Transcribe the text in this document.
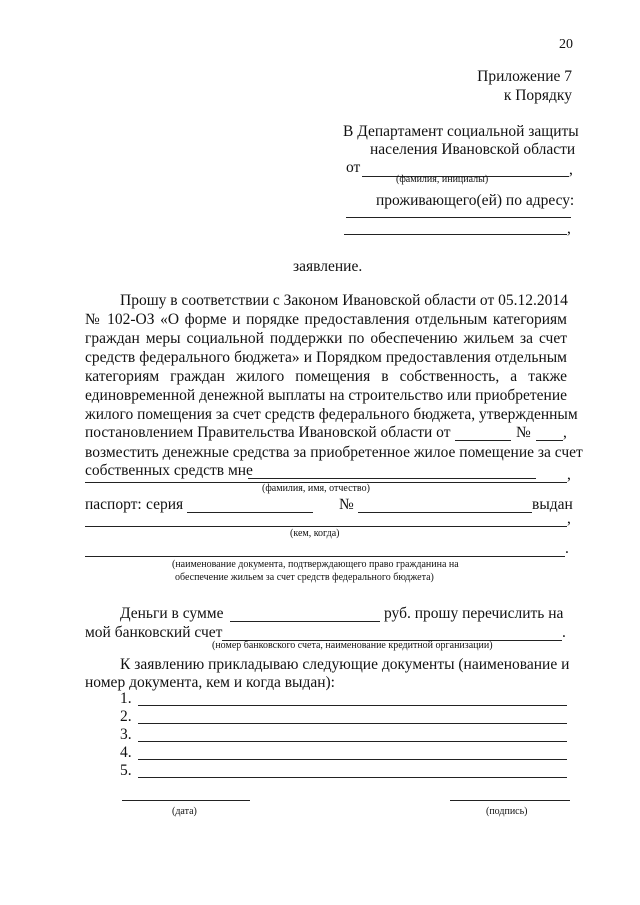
20
Приложение 7
к Порядку
В Департамент социальной защиты
населения Ивановской области
от	,
(фамилия, инициалы)
проживающего(ей) по адресу:
,
заявление.
Прошу в соответствии с Законом Ивановской области от 05.12.2014
№ 102-ОЗ «О форме и порядке предоставления отдельным категориям
граждан меры социальной поддержки по обеспечению жильем за счет
средств федерального бюджета» и Порядком предоставления отдельным
категориям граждан жилого помещения в собственность, а также
единовременной денежной выплаты на строительство или приобретение
жилого помещения за счет средств федерального бюджета, утвержденным
постановлением Правительства Ивановской области от	№ ,
возместить денежные средства за приобретенное жилое помещение за счет
собственных средств мне	,
(фамилия, имя, отчество)
паспорт: серия	№	выдан
,
(кем, когда)
.
(наименование документа, подтверждающего право гражданина на
обеспечение жильем за счет средств федерального бюджета)
Деньги в сумме	руб. прошу перечислить на
мой банковский счет	.
(номер банковского счета, наименование кредитной организации)
К заявлению прикладываю следующие документы (наименование и
номер документа, кем и когда выдан):
1.
2.
3.
4.
5.
(дата)	(подпись)
